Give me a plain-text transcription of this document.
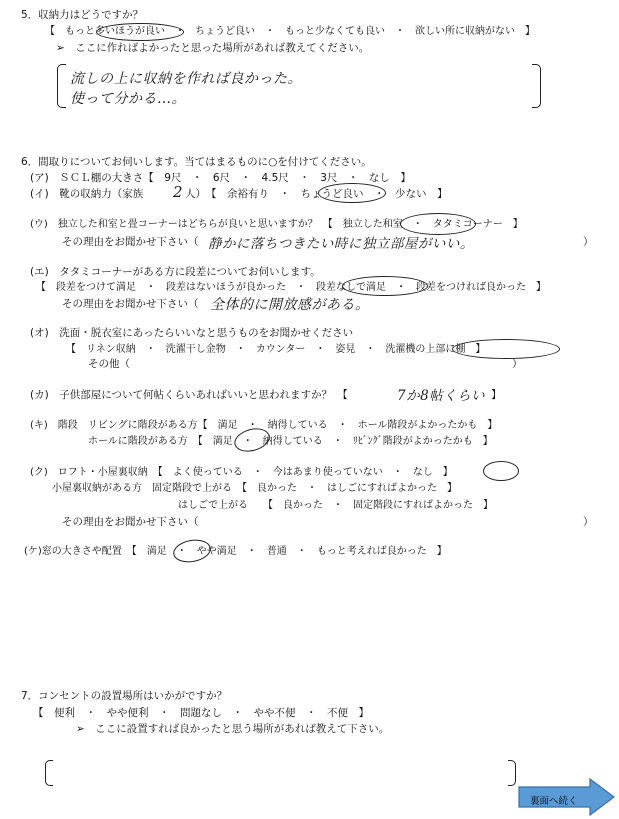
5．収納力はどうですか？
【　もっと多いほうが良い　・　ちょうど良い　・　もっと少なくても良い　・　欲しい所に収納がない　】
➢　ここに作ればよかったと思った場所があれば教えてください。
流しの上に収納を作れば良かった。
使って分かる…。
6．間取りについてお伺いします。当てはまるものに○を付けてください。
(ア)　ＳＣＬ棚の大きさ【　9尺　・　6尺　・　4.5尺　・　3尺　・　なし　】
(イ)　靴の収納力（家族 2 人）　【　余裕有り　・　ちょうど良い　・　少ない　】
(ウ)　独立した和室と畳コーナーはどちらが良いと思いますか？　【　独立した和室　・　タタミコーナー　】
その理由をお聞かせ下さい（ 静かに落ちつきたい時に独立部屋がいい。	）
(エ)　タタミコーナーがある方に段差についてお伺いします。
【　段差をつけて満足　・　段差はないほうが良かった　・　段差なしで満足　・　段差をつければ良かった　】
その理由をお聞かせ下さい（ 全体的に開放感がある。
(オ)　洗面・脱衣室にあったらいいなと思うものをお聞かせください
【　リネン収納　・　洗濯干し金物　・　カウンター　・　姿見　・　洗濯機の上部に棚　】
その他（	）
(カ)　子供部屋について何帖くらいあればいいと思われますか？　【	7か8帖くらい 】
(キ)　階段　リビングに階段がある方【　満足　・　納得している　・　ホール階段がよかったかも　】
ホールに階段がある方　【　満足　・　納得している　・　ﾘﾋﾞﾝｸﾞ階段がよかったかも　】
(ク)　ロフト・小屋裏収納　【　よく使っている　・　今はあまり使っていない　・　なし　】
小屋裏収納がある方　固定階段で上がる　【　良かった　・　はしごにすればよかった　】
はしごで上がる　　【　良かった　・　固定階段にすればよかった　】
その理由をお聞かせ下さい（	）
(ケ)窓の大きさや配置　【　満足　・　やや満足　・　普通　・　もっと考えれば良かった　】
7．コンセントの設置場所はいかがですか？
【　便利　・　やや便利　・　問題なし　・　やや不便　・　不便　】
➢　ここに設置すれば良かったと思う場所があれば教えて下さい。
裏面へ続く
